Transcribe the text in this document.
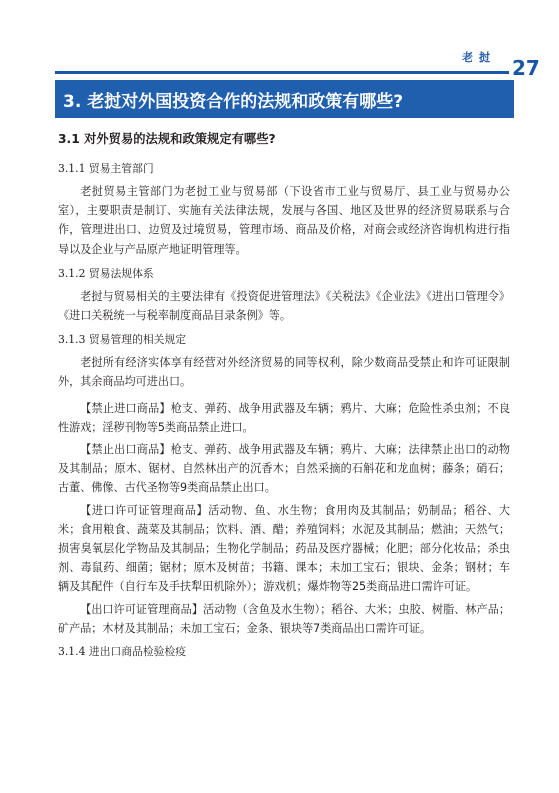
老挝 27
3. 老挝对外国投资合作的法规和政策有哪些?
3.1 对外贸易的法规和政策规定有哪些?
3.1.1 贸易主管部门

老挝贸易主管部门为老挝工业与贸易部（下设省市工业与贸易厅、县工业与贸易办公室），主要职责是制订、实施有关法律法规，发展与各国、地区及世界的经济贸易联系与合作，管理进出口、边贸及过境贸易，管理市场、商品及价格，对商会或经济咨询机构进行指导以及企业与产品原产地证明管理等。

3.1.2 贸易法规体系

老挝与贸易相关的主要法律有《投资促进管理法》《关税法》《企业法》《进出口管理令》《进口关税统一与税率制度商品目录条例》等。

3.1.3 贸易管理的相关规定

老挝所有经济实体享有经营对外经济贸易的同等权利，除少数商品受禁止和许可证限制外，其余商品均可进出口。

【禁止进口商品】枪支、弹药、战争用武器及车辆；鸦片、大麻；危险性杀虫剂；不良性游戏；淫秽刊物等5类商品禁止进口。

【禁止出口商品】枪支、弹药、战争用武器及车辆；鸦片、大麻；法律禁止出口的动物及其制品；原木、锯材、自然林出产的沉香木；自然采摘的石斛花和龙血树；藤条；硝石；古董、佛像、古代圣物等9类商品禁止出口。

【进口许可证管理商品】活动物、鱼、水生物；食用肉及其制品；奶制品；稻谷、大米；食用粮食、蔬菜及其制品；饮料、酒、醋；养殖饲料；水泥及其制品；燃油；天然气；损害臭氧层化学物品及其制品；生物化学制品；药品及医疗器械；化肥；部分化妆品；杀虫剂、毒鼠药、细菌；锯材；原木及树苗；书籍、课本；未加工宝石；银块、金条；钢材；车辆及其配件（自行车及手扶犁田机除外）；游戏机；爆炸物等25类商品进口需许可证。

【出口许可证管理商品】活动物（含鱼及水生物）；稻谷、大米；虫胶、树脂、林产品；矿产品；木材及其制品；未加工宝石；金条、银块等7类商品出口需许可证。

3.1.4 进出口商品检验检疫
